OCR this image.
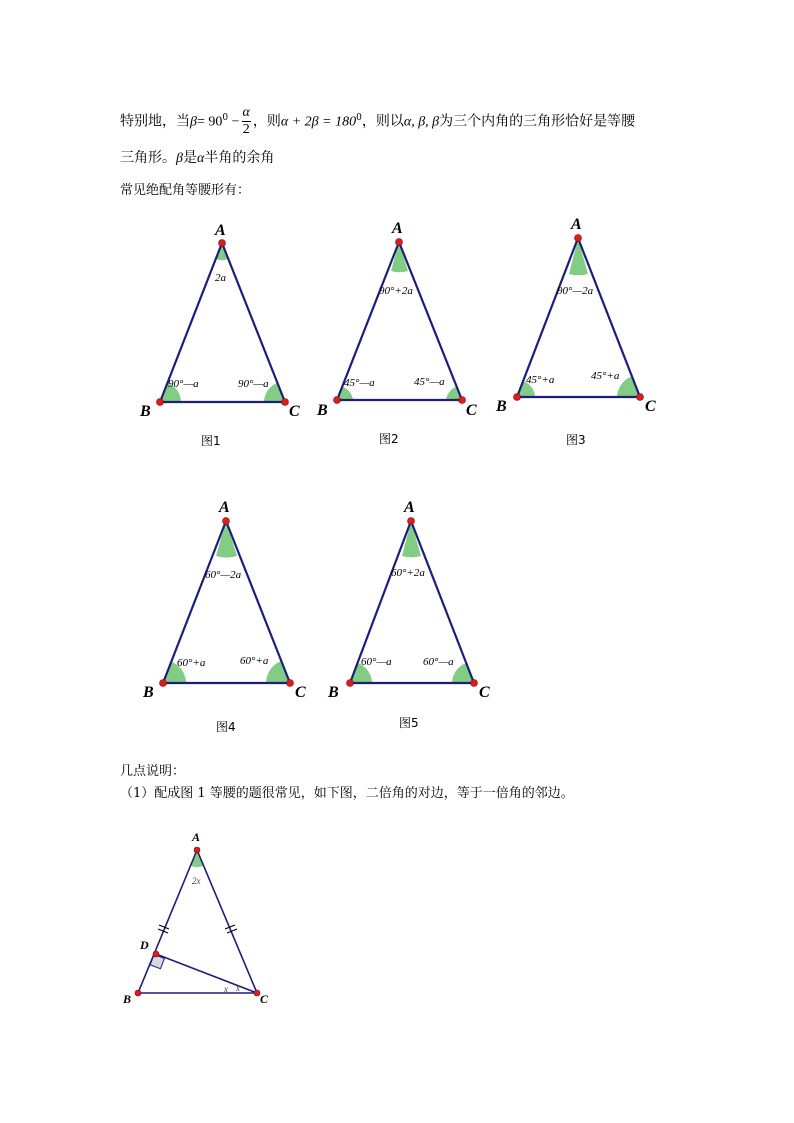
特别地，当$\beta= 90^0 - \frac{\alpha}{2}$ ，则$\alpha + 2\beta = 180^0$，则以α, β, β为三个内角的三角形恰好是等腰
三角形。β是α半角的余角
常见绝配角等腰形有：
A
B	C
2a
90°—a	90°—a
A
B	C
90°+2a
45°—a	45°—a
A
B	C
90°—2a
45°+a	45°+a
A
B	C
60°—2a
60°+a	60°+a
A
B	C
60°+2a
60°—a	60°—a
A
B	C
D
2x
x x
图1	图2	图3
图4	图5
几点说明：
（1）配成图 1 等腰的题很常见，如下图，二倍角的对边，等于一倍角的邻边。
